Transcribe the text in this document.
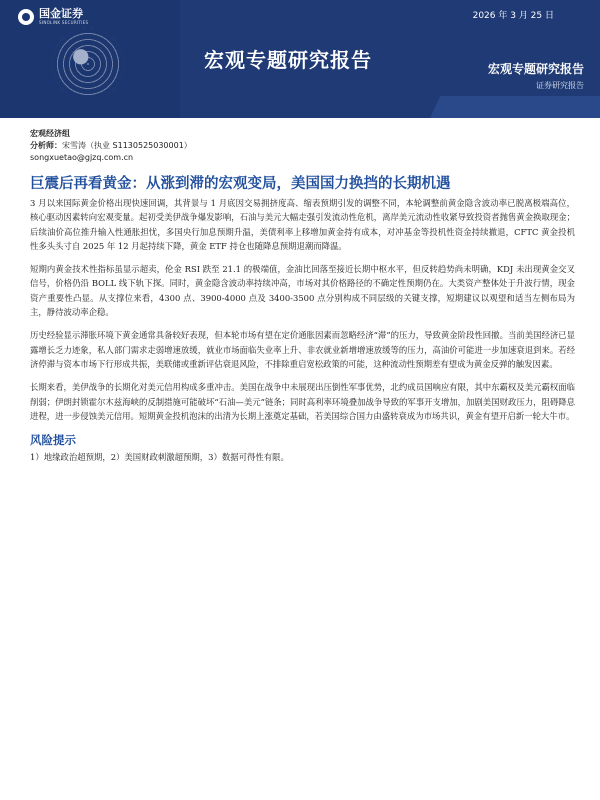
国金证券
SINOLINK SECURITIES
宏观专题研究报告
2026 年 3 月 25 日
宏观专题研究报告
证券研究报告
宏观经济组
分析师：宋雪涛（执业 S1130525030001）
songxuetao@gjzq.com.cn
巨震后再看黄金：从涨到滞的宏观变局，美国国力换挡的长期机遇

3 月以来国际黄金价格出现快速回调，其背景与 1 月底因交易拥挤度高、缩表预期引发的调整不同，本轮调整前黄金隐含波动率已脱离极端高位，核心驱动因素转向宏观变量。起初受美伊战争爆发影响，石油与美元大幅走强引发流动性危机，离岸美元流动性收紧导致投资者抛售黄金换取现金；后续油价高位推升输入性通胀担忧，多国央行加息预期升温，美债利率上移增加黄金持有成本，对冲基金等投机性资金持续撤退，CFTC 黄金投机性多头头寸自 2025 年 12 月起持续下降，黄金 ETF 持仓也随降息预期退潮而降温。

短期内黄金技术性指标虽显示超卖，伦金 RSI 跌至 21.1 的极端值，金油比回落至接近长期中枢水平，但反转趋势尚未明确，KDJ 未出现黄金交叉信号，价格仍沿 BOLL 线下轨下探。同时，黄金隐含波动率持续冲高，市场对其价格路径的不确定性预期仍在。大类资产整体处于升波行情，现金资产重要性凸显。从支撑位来看，4300 点、3900-4000 点及 3400-3500 点分别构成不同层级的关键支撑，短期建议以观望和适当左侧布局为主，静待波动率企稳。

历史经验显示滞胀环境下黄金通常具备较好表现，但本轮市场有望在定价通胀因素而忽略经济“滞”的压力，导致黄金阶段性回撤。当前美国经济已显露增长乏力迹象，私人部门需求走弱增速放缓，就业市场面临失业率上升、非农就业新增增速放缓等的压力，高油价可能进一步加速衰退到来。若经济停滞与资本市场下行形成共振，美联储或重新评估衰退风险，不排除重启宽松政策的可能，这种流动性预期差有望成为黄金反弹的触发因素。

长期来看，美伊战争的长期化对美元信用构成多重冲击。美国在战争中未展现出压倒性军事优势，北约成员国响应有限，其中东霸权及美元霸权面临削弱；伊朗封锁霍尔木兹海峡的反制措施可能破坏“石油—美元”链条；同时高利率环境叠加战争导致的军事开支增加，加剧美国财政压力，阻碍降息进程，进一步侵蚀美元信用。短期黄金投机泡沫的出清为长期上涨奠定基础，若美国综合国力由盛转衰成为市场共识，黄金有望开启新一轮大牛市。

风险提示
1）地缘政治超预期，2）美国财政刺激超预期，3）数据可得性有限。
